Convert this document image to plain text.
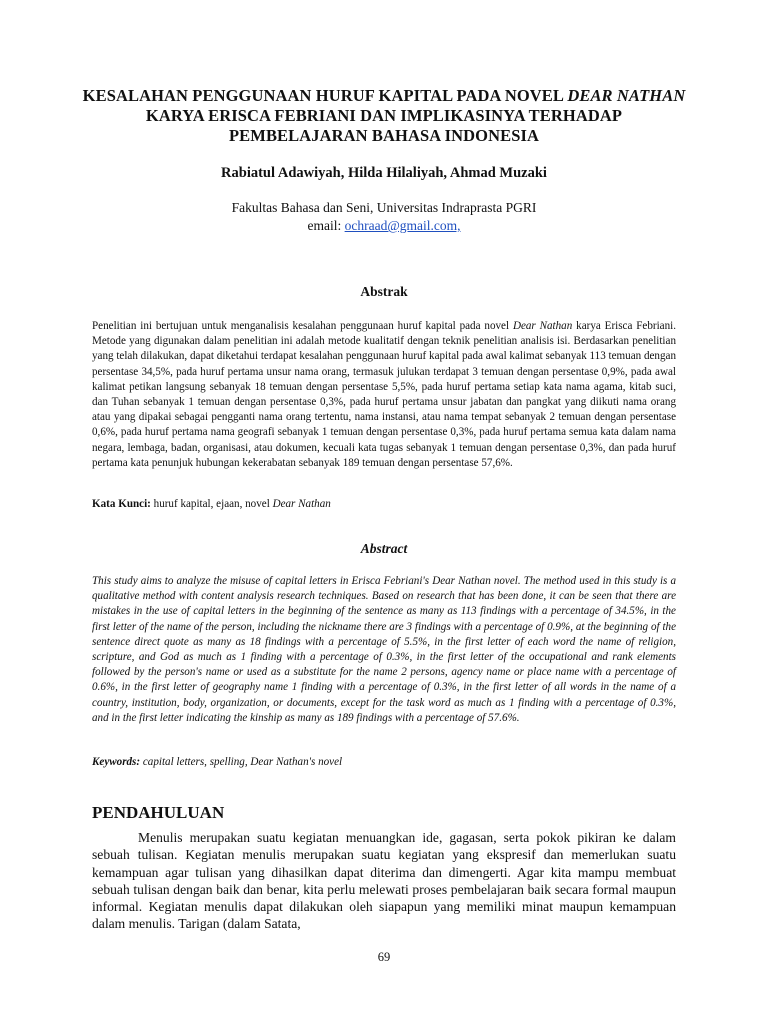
KESALAHAN PENGGUNAAN HURUF KAPITAL PADA NOVEL DEAR NATHAN KARYA ERISCA FEBRIANI DAN IMPLIKASINYA TERHADAP PEMBELAJARAN BAHASA INDONESIA
Rabiatul Adawiyah, Hilda Hilaliyah, Ahmad Muzaki
Fakultas Bahasa dan Seni, Universitas Indraprasta PGRI
email: ochraad@gmail.com,
Abstrak
Penelitian ini bertujuan untuk menganalisis kesalahan penggunaan huruf kapital pada novel Dear Nathan karya Erisca Febriani. Metode yang digunakan dalam penelitian ini adalah metode kualitatif dengan teknik penelitian analisis isi. Berdasarkan penelitian yang telah dilakukan, dapat diketahui terdapat kesalahan penggunaan huruf kapital pada awal kalimat sebanyak 113 temuan dengan persentase 34,5%, pada huruf pertama unsur nama orang, termasuk julukan terdapat 3 temuan dengan persentase 0,9%, pada awal kalimat petikan langsung sebanyak 18 temuan dengan persentase 5,5%, pada huruf pertama setiap kata nama agama, kitab suci, dan Tuhan sebanyak 1 temuan dengan persentase 0,3%, pada huruf pertama unsur jabatan dan pangkat yang diikuti nama orang atau yang dipakai sebagai pengganti nama orang tertentu, nama instansi, atau nama tempat sebanyak 2 temuan dengan persentase 0,6%, pada huruf pertama nama geografi sebanyak 1 temuan dengan persentase 0,3%, pada huruf pertama semua kata dalam nama negara, lembaga, badan, organisasi, atau dokumen, kecuali kata tugas sebanyak 1 temuan dengan persentase 0,3%, dan pada huruf pertama kata penunjuk hubungan kekerabatan sebanyak 189 temuan dengan persentase 57,6%.
Kata Kunci: huruf kapital, ejaan, novel Dear Nathan
Abstract
This study aims to analyze the misuse of capital letters in Erisca Febriani's Dear Nathan novel. The method used in this study is a qualitative method with content analysis research techniques. Based on research that has been done, it can be seen that there are mistakes in the use of capital letters in the beginning of the sentence as many as 113 findings with a percentage of 34.5%, in the first letter of the name of the person, including the nickname there are 3 findings with a percentage of 0.9%, at the beginning of the sentence direct quote as many as 18 findings with a percentage of 5.5%, in the first letter of each word the name of religion, scripture, and God as much as 1 finding with a percentage of 0.3%, in the first letter of the occupational and rank elements followed by the person's name or used as a substitute for the name 2 persons, agency name or place name with a percentage of 0.6%, in the first letter of geography name 1 finding with a percentage of 0.3%, in the first letter of all words in the name of a country, institution, body, organization, or documents, except for the task word as much as 1 finding with a percentage of 0.3%, and in the first letter indicating the kinship as many as 189 findings with a percentage of 57.6%.
Keywords: capital letters, spelling, Dear Nathan's novel
PENDAHULUAN
Menulis merupakan suatu kegiatan menuangkan ide, gagasan, serta pokok pikiran ke dalam sebuah tulisan. Kegiatan menulis merupakan suatu kegiatan yang ekspresif dan memerlukan suatu kemampuan agar tulisan yang dihasilkan dapat diterima dan dimengerti. Agar kita mampu membuat sebuah tulisan dengan baik dan benar, kita perlu melewati proses pembelajaran baik secara formal maupun informal. Kegiatan menulis dapat dilakukan oleh siapapun yang memiliki minat maupun kemampuan dalam menulis. Tarigan (dalam Satata,
69
